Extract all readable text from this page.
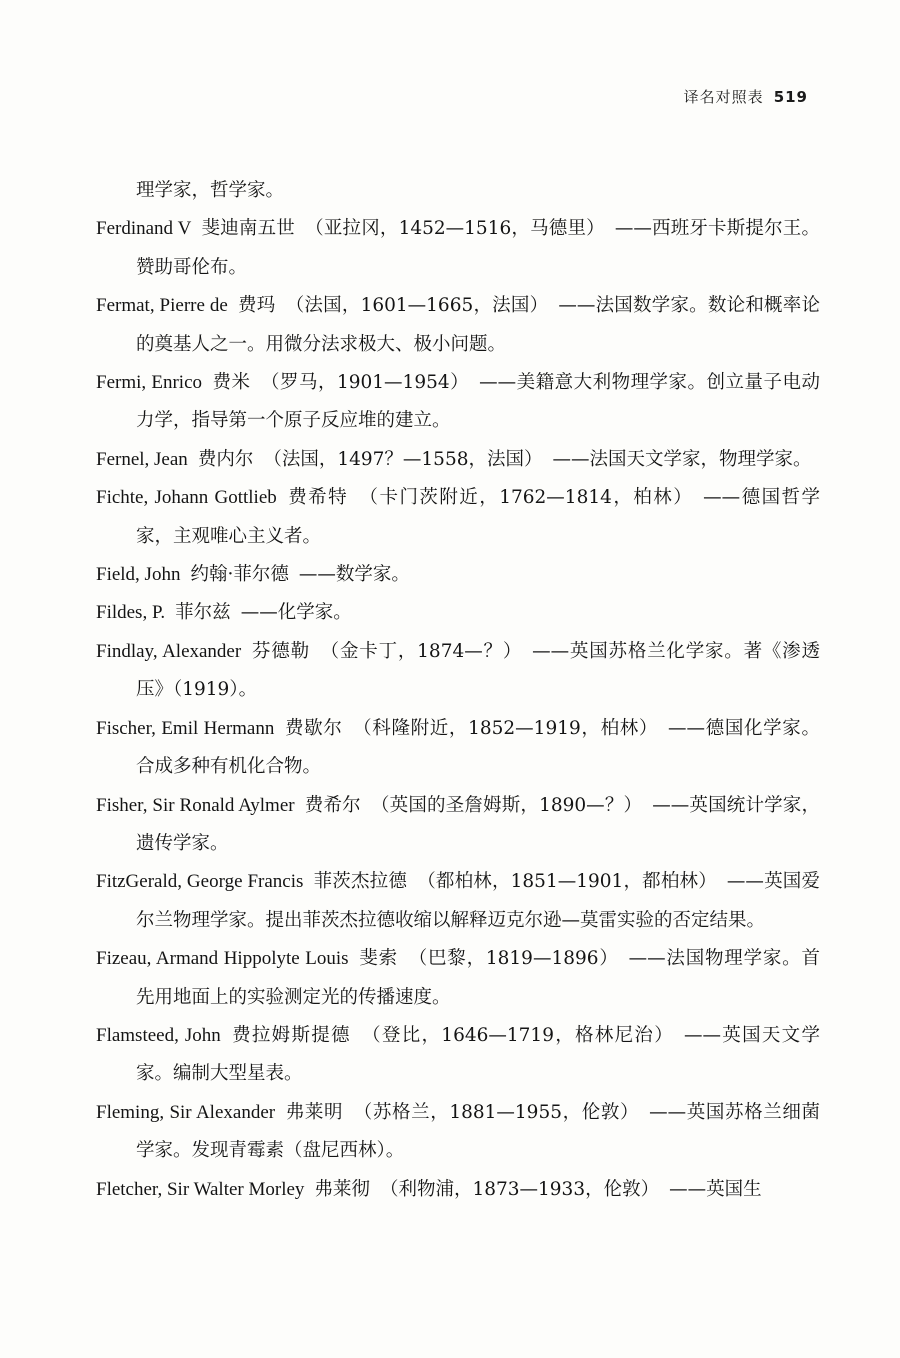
译名对照表 519

理学家，哲学家。

Ferdinand V 斐迪南五世 （亚拉冈，1452—1516，马德里） ——西班牙卡斯提尔王。赞助哥伦布。

Fermat, Pierre de 费玛 （法国，1601—1665，法国） ——法国数学家。数论和概率论的奠基人之一。用微分法求极大、极小问题。

Fermi, Enrico 费米 （罗马，1901—1954） ——美籍意大利物理学家。创立量子电动力学，指导第一个原子反应堆的建立。

Fernel, Jean 费内尔 （法国，1497？—1558，法国） ——法国天文学家，物理学家。

Fichte, Johann Gottlieb 费希特 （卡门茨附近，1762—1814，柏林） ——德国哲学家，主观唯心主义者。

Field, John 约翰·菲尔德 ——数学家。

Fildes, P. 菲尔兹 ——化学家。

Findlay, Alexander 芬德勒 （金卡丁，1874—？） ——英国苏格兰化学家。著《渗透压》（1919）。

Fischer, Emil Hermann 费歇尔 （科隆附近，1852—1919，柏林） ——德国化学家。合成多种有机化合物。

Fisher, Sir Ronald Aylmer 费希尔 （英国的圣詹姆斯，1890—？） ——英国统计学家，遗传学家。

FitzGerald, George Francis 菲茨杰拉德 （都柏林，1851—1901，都柏林） ——英国爱尔兰物理学家。提出菲茨杰拉德收缩以解释迈克尔逊—莫雷实验的否定结果。

Fizeau, Armand Hippolyte Louis 斐索 （巴黎，1819—1896） ——法国物理学家。首先用地面上的实验测定光的传播速度。

Flamsteed, John 费拉姆斯提德 （登比，1646—1719，格林尼治） ——英国天文学家。编制大型星表。

Fleming, Sir Alexander 弗莱明 （苏格兰，1881—1955，伦敦） ——英国苏格兰细菌学家。发现青霉素（盘尼西林）。

Fletcher, Sir Walter Morley 弗莱彻 （利物浦，1873—1933，伦敦） ——英国生
